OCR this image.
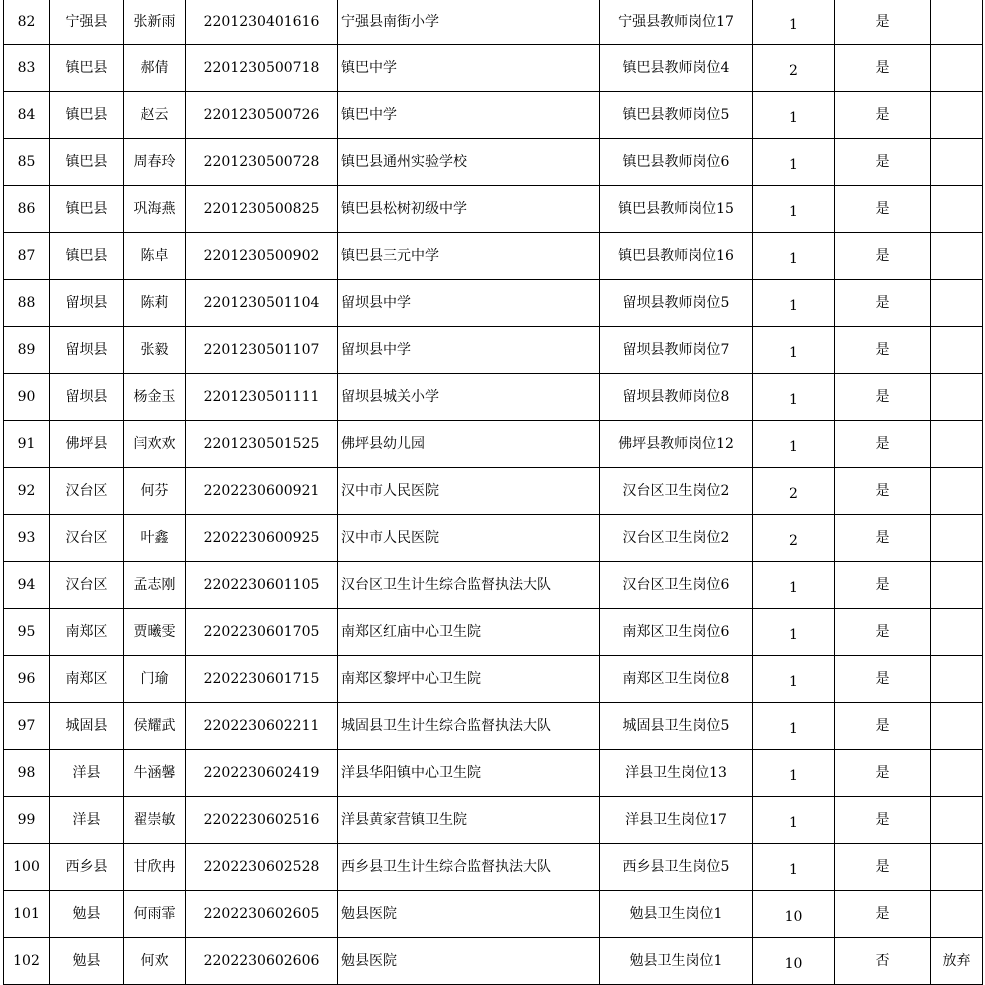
82	宁强县	张新雨	2201230401616	宁强县南街小学	宁强县教师岗位17	1	是	
83	镇巴县	郝倩	2201230500718	镇巴中学	镇巴县教师岗位4	2	是	
84	镇巴县	赵云	2201230500726	镇巴中学	镇巴县教师岗位5	1	是	
85	镇巴县	周春玲	2201230500728	镇巴县通州实验学校	镇巴县教师岗位6	1	是	
86	镇巴县	巩海燕	2201230500825	镇巴县松树初级中学	镇巴县教师岗位15	1	是	
87	镇巴县	陈卓	2201230500902	镇巴县三元中学	镇巴县教师岗位16	1	是	
88	留坝县	陈莉	2201230501104	留坝县中学	留坝县教师岗位5	1	是	
89	留坝县	张毅	2201230501107	留坝县中学	留坝县教师岗位7	1	是	
90	留坝县	杨金玉	2201230501111	留坝县城关小学	留坝县教师岗位8	1	是	
91	佛坪县	闫欢欢	2201230501525	佛坪县幼儿园	佛坪县教师岗位12	1	是	
92	汉台区	何芬	2202230600921	汉中市人民医院	汉台区卫生岗位2	2	是	
93	汉台区	叶鑫	2202230600925	汉中市人民医院	汉台区卫生岗位2	2	是	
94	汉台区	孟志刚	2202230601105	汉台区卫生计生综合监督执法大队	汉台区卫生岗位6	1	是	
95	南郑区	贾曦雯	2202230601705	南郑区红庙中心卫生院	南郑区卫生岗位6	1	是	
96	南郑区	门瑜	2202230601715	南郑区黎坪中心卫生院	南郑区卫生岗位8	1	是	
97	城固县	侯耀武	2202230602211	城固县卫生计生综合监督执法大队	城固县卫生岗位5	1	是	
98	洋县	牛涵馨	2202230602419	洋县华阳镇中心卫生院	洋县卫生岗位13	1	是	
99	洋县	翟崇敏	2202230602516	洋县黄家营镇卫生院	洋县卫生岗位17	1	是	
100	西乡县	甘欣冉	2202230602528	西乡县卫生计生综合监督执法大队	西乡县卫生岗位5	1	是	
101	勉县	何雨霏	2202230602605	勉县医院	勉县卫生岗位1	10	是	
102	勉县	何欢	2202230602606	勉县医院	勉县卫生岗位1	10	否	放弃
